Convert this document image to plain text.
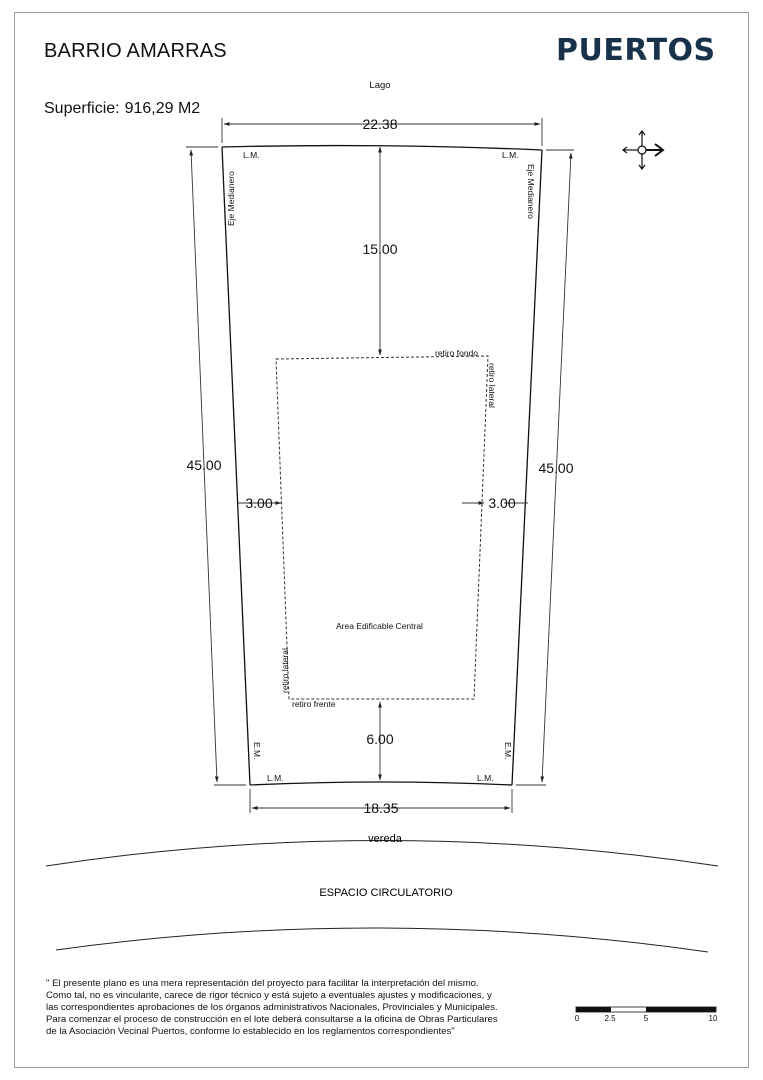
BARRIO AMARRAS	PUERTOS
Superficie: 916,29 M2
Lago
22.38
18.35
45.00	45.00
15.00
6.00
3.00	3.00
L.M.	L.M.
L.M.	L.M.
retiro fondo
retiro frente
Area Edificable Central
Eje Medianero	Eje Medianero
retiro lateral
retiro lateral
E.M.	E.M.
vereda
ESPACIO CIRCULATORIO
0	2.5	5	10

" El presente plano es una mera representación del proyecto para facilitar la interpretación del mismo.

Como tal, no es vinculante, carece de rigor técnico y está sujeto a eventuales ajustes y modificaciones, y

las correspondientes aprobaciones de los órganos administrativos Nacionales, Provinciales y Municipales.

Para comenzar el proceso de construcción en el lote deberá consultarse a la oficina de Obras Particulares

de la Asociación Vecinal Puertos, conforme lo establecido en los reglamentos correspondientes"
